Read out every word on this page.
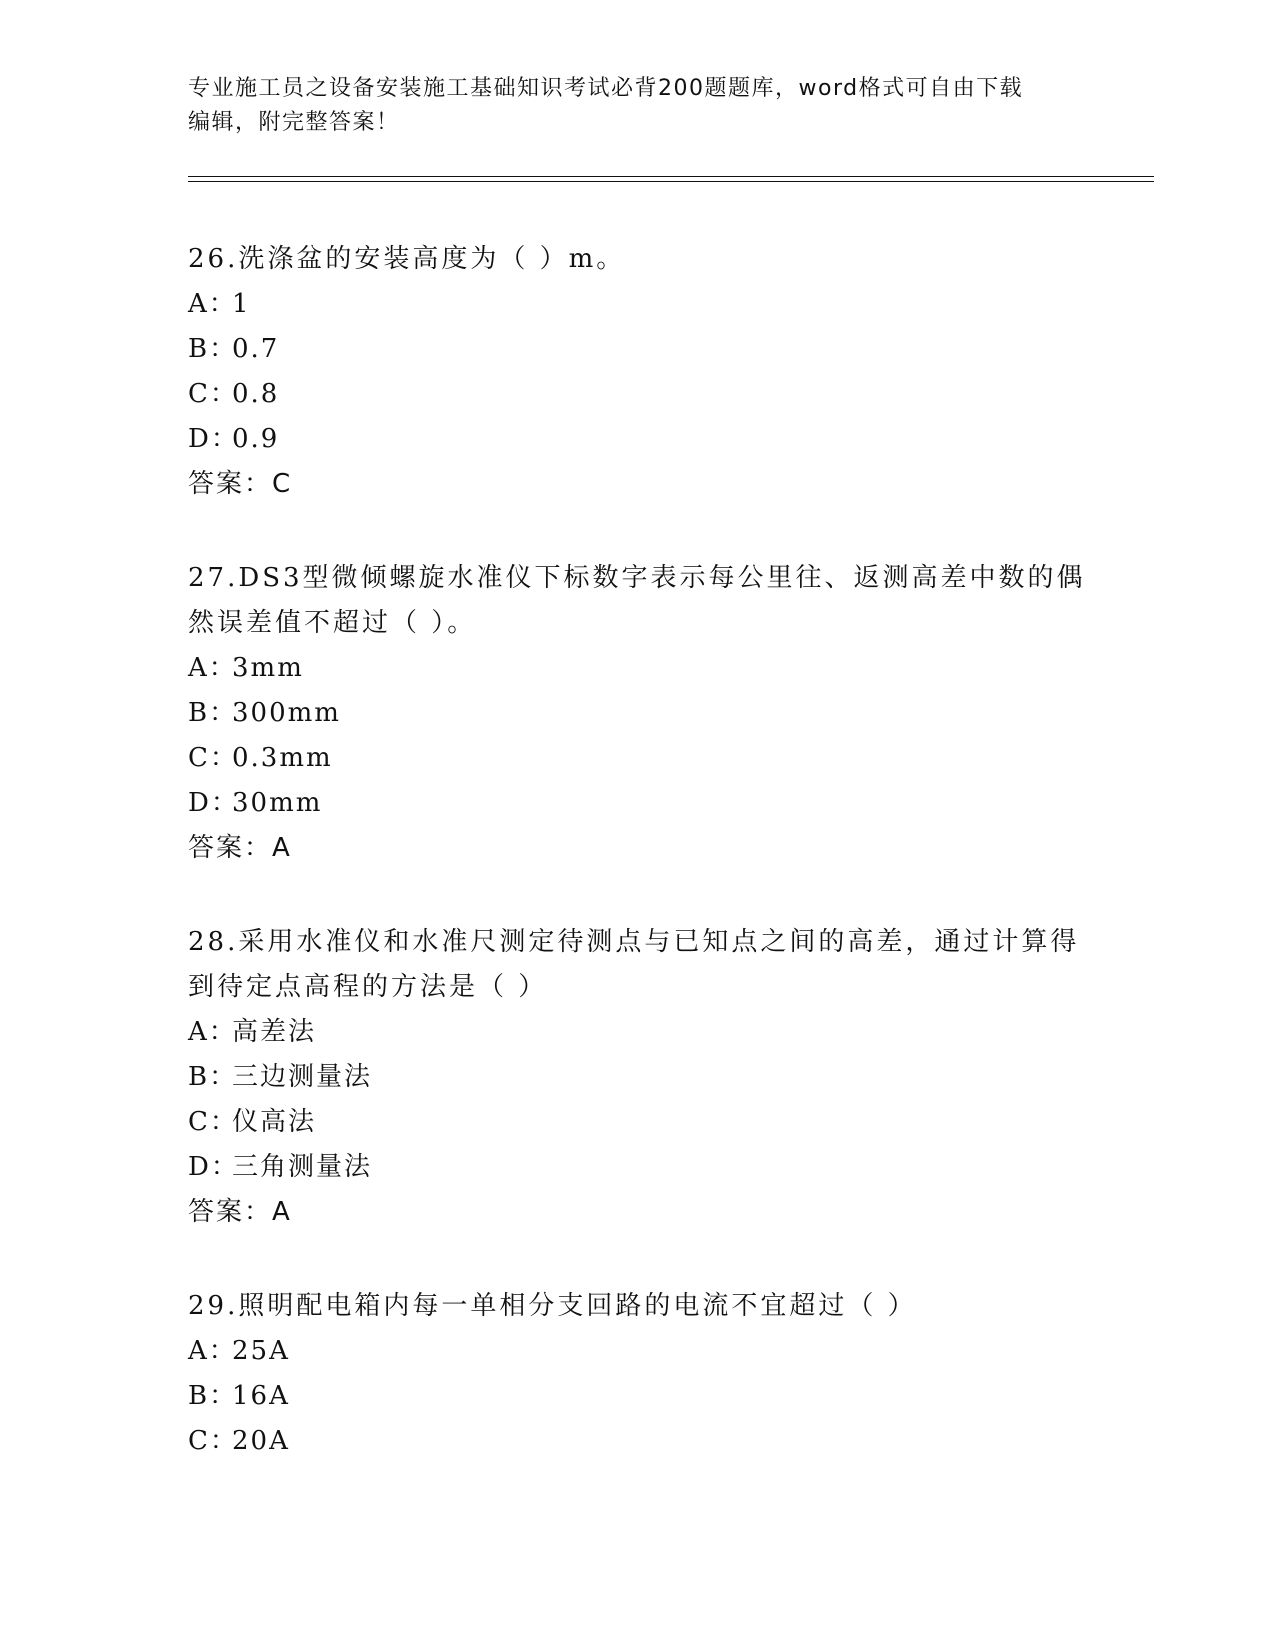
专业施工员之设备安装施工基础知识考试必背200题题库，word格式可自由下载
编辑，附完整答案！
26.洗涤盆的安装高度为（ ）m。
A：1
B：0.7
C：0.8
D：0.9
答案：C
27.DS3型微倾螺旋水准仪下标数字表示每公里往、返测高差中数的偶
然误差值不超过（ ）。
A：3mm
B：300mm
C：0.3mm
D：30mm
答案：A
28.采用水准仪和水准尺测定待测点与已知点之间的高差，通过计算得
到待定点高程的方法是（ ）
A：高差法
B：三边测量法
C：仪高法
D：三角测量法
答案：A
29.照明配电箱内每一单相分支回路的电流不宜超过（ ）
A：25A
B：16A
C：20A
